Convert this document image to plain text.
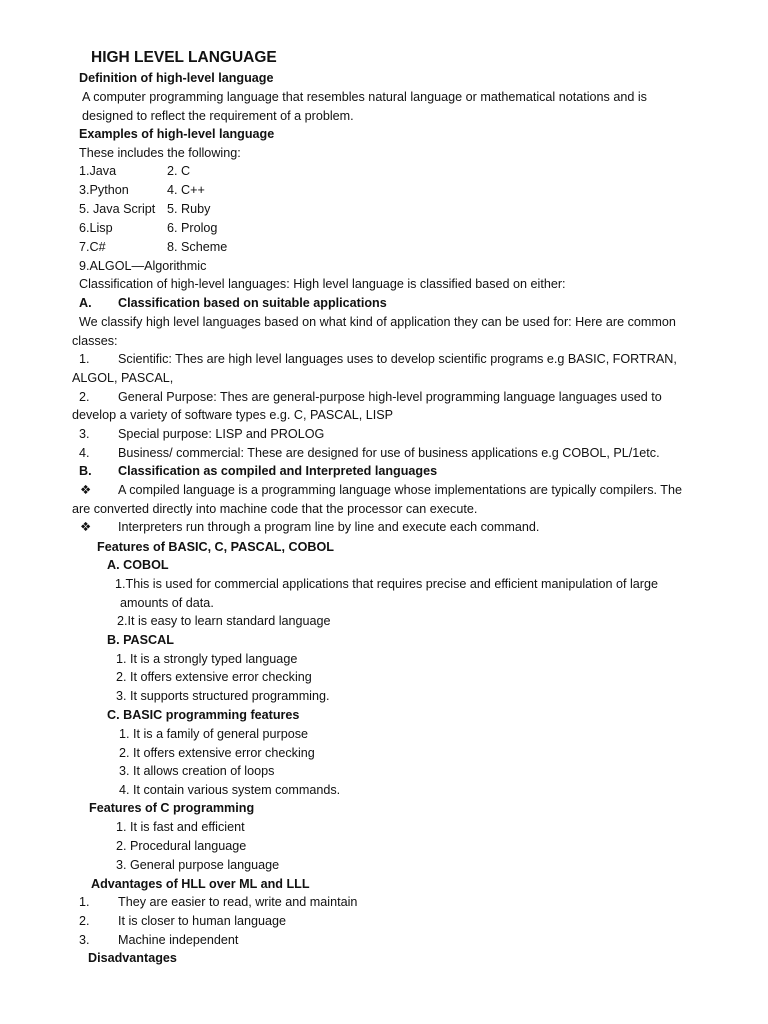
HIGH LEVEL LANGUAGE
Definition of high-level language
A computer programming language that resembles natural language or mathematical notations and is
designed to reflect the requirement of a problem.
Examples of high-level language
These includes the following:
1.Java	2. C
3.Python	4. C++
5. Java Script 5. Ruby
6.Lisp	6. Prolog
7.C#	8. Scheme
9.ALGOL—Algorithmic
Classification of high-level languages: High level language is classified based on either:
A. Classification based on suitable applications
We classify high level languages based on what kind of application they can be used for: Here are common
classes:
1. Scientific: Thes are high level languages uses to develop scientific programs e.g BASIC, FORTRAN,
ALGOL, PASCAL,
2. General Purpose: Thes are general-purpose high-level programming language languages used to
develop a variety of software types e.g. C, PASCAL, LISP
3. Special purpose: LISP and PROLOG
4. Business/ commercial: These are designed for use of business applications e.g COBOL, PL/1etc.
B. Classification as compiled and Interpreted languages
❖ A compiled language is a programming language whose implementations are typically compilers. The
are converted directly into machine code that the processor can execute.
❖ Interpreters run through a program line by line and execute each command.
Features of BASIC, C, PASCAL, COBOL
A. COBOL
1.This is used for commercial applications that requires precise and efficient manipulation of large
amounts of data.
2.It is easy to learn standard language
B. PASCAL
1. It is a strongly typed language
2. It offers extensive error checking
3. It supports structured programming.
C. BASIC programming features
1. It is a family of general purpose
2. It offers extensive error checking
3. It allows creation of loops
4. It contain various system commands.
Features of C programming
1. It is fast and efficient
2. Procedural language
3. General purpose language
Advantages of HLL over ML and LLL
1. They are easier to read, write and maintain
2. It is closer to human language
3. Machine independent
Disadvantages
